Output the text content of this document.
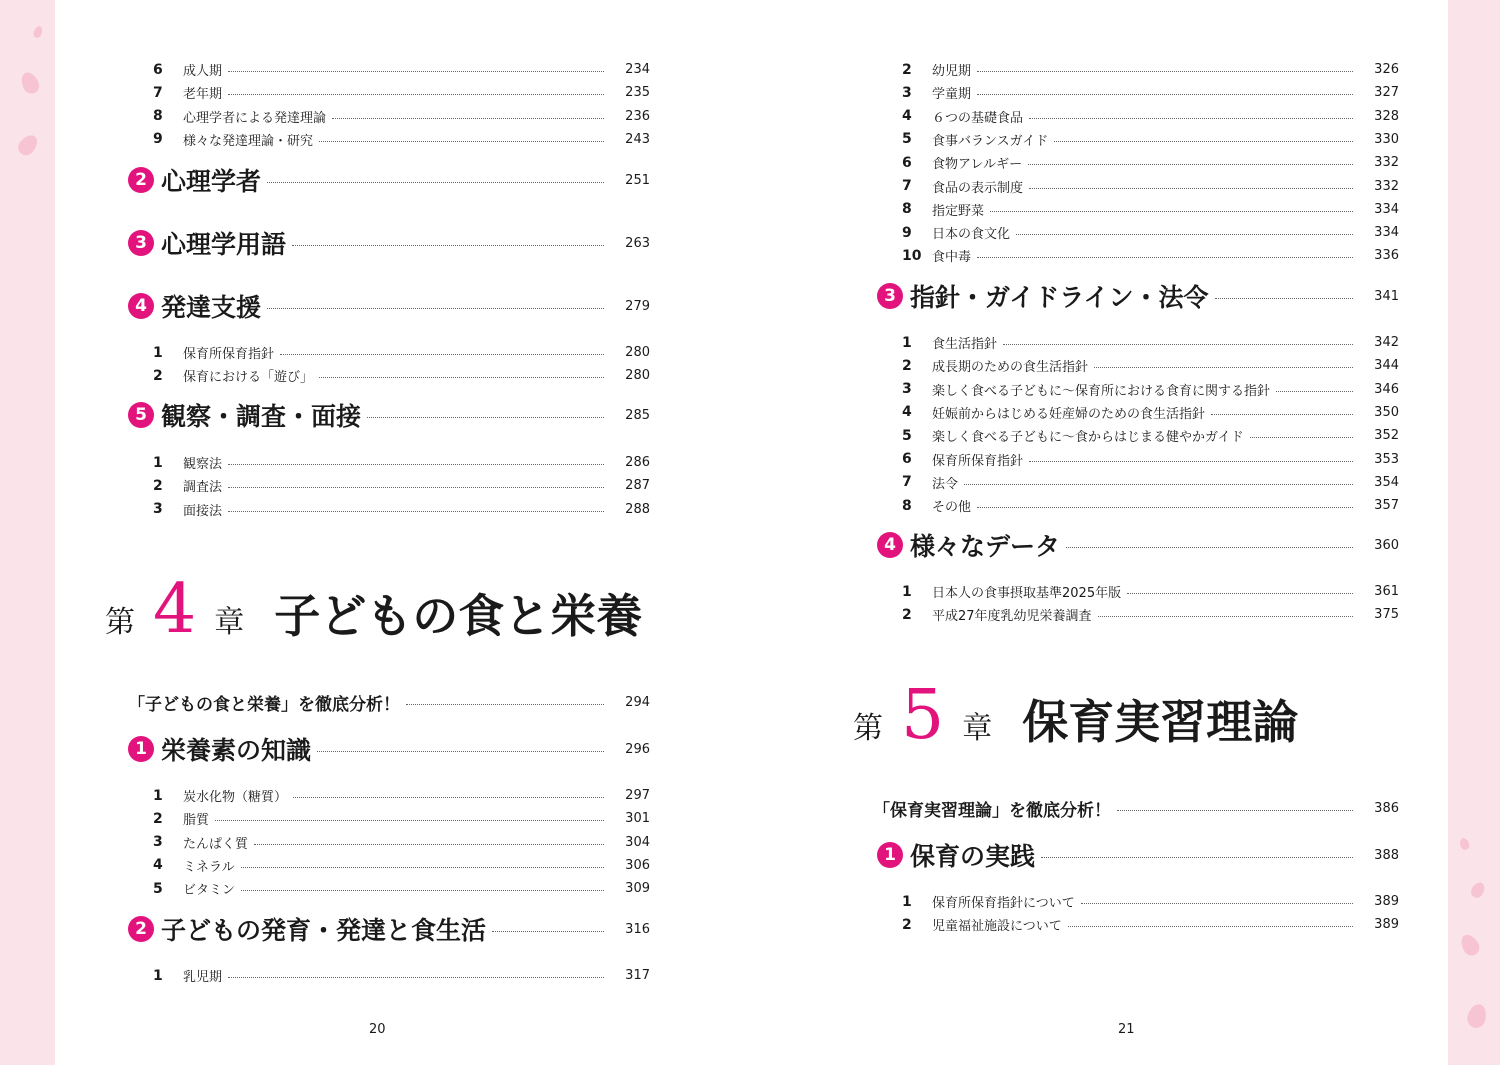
6	成人期	234
7	老年期	235
8	心理学者による発達理論	236
9	様々な発達理論・研究	243
2 心理学者	251
3 心理学用語	263
4 発達支援	279
1	保育所保育指針	280
2	保育における「遊び」	280
5 観察・調査・面接	285
1	観察法	286
2	調査法	287
3	面接法	288
第 4 章 子どもの食と栄養
「子どもの食と栄養」を徹底分析！	294
1 栄養素の知識	296
1	炭水化物（糖質）	297
2	脂質	301
3	たんぱく質	304
4	ミネラル	306
5	ビタミン	309
2 子どもの発育・発達と食生活	316
1	乳児期	317
20
2	幼児期	326
3	学童期	327
4	６つの基礎食品	328
5	食事バランスガイド	330
6	食物アレルギー	332
7	食品の表示制度	332
8	指定野菜	334
9	日本の食文化	334
10 食中毒	336
3 指針・ガイドライン・法令	341
1	食生活指針	342
2	成長期のための食生活指針	344
3	楽しく食べる子どもに～保育所における食育に関する指針	346
4	妊娠前からはじめる妊産婦のための食生活指針	350
5	楽しく食べる子どもに～食からはじまる健やかガイド	352
6	保育所保育指針	353
7	法令	354
8	その他	357
4 様々なデータ	360
1	日本人の食事摂取基準2025年版	361
2	平成27年度乳幼児栄養調査	375
第 5 章 保育実習理論
「保育実習理論」を徹底分析！	386
1 保育の実践	388
1	保育所保育指針について	389
2	児童福祉施設について	389
21
